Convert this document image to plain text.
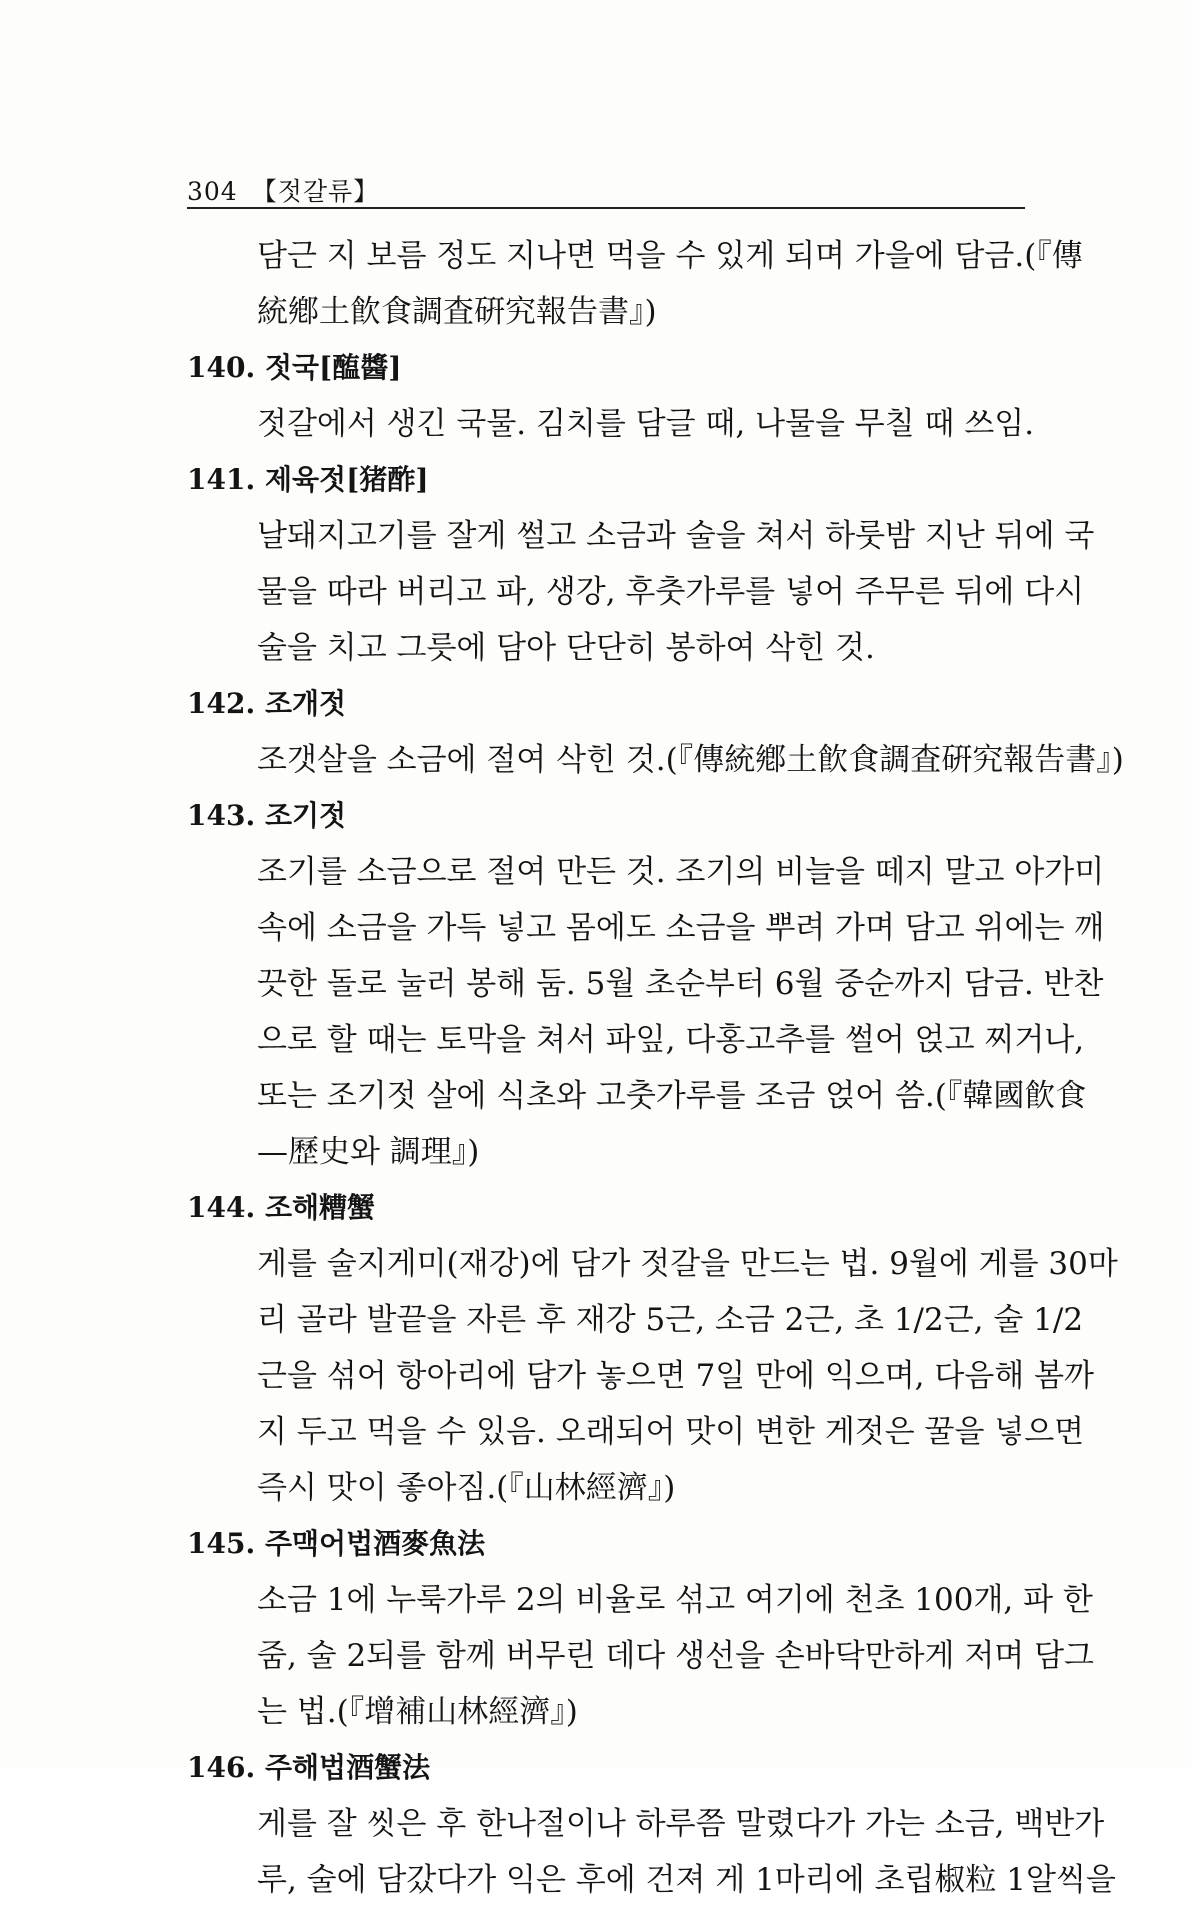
304 【젓갈류】
담근 지 보름 정도 지나면 먹을 수 있게 되며 가을에 담금.(『傳
統鄕土飮食調査硏究報告書』)
140. 젓국[醢醬]
젓갈에서 생긴 국물. 김치를 담글 때, 나물을 무칠 때 쓰임.
141. 제육젓[猪酢]
날돼지고기를 잘게 썰고 소금과 술을 쳐서 하룻밤 지난 뒤에 국
물을 따라 버리고 파, 생강, 후춧가루를 넣어 주무른 뒤에 다시
술을 치고 그릇에 담아 단단히 봉하여 삭힌 것.
142. 조개젓
조갯살을 소금에 절여 삭힌 것.(『傳統鄕土飮食調査硏究報告書』)
143. 조기젓
조기를 소금으로 절여 만든 것. 조기의 비늘을 떼지 말고 아가미
속에 소금을 가득 넣고 몸에도 소금을 뿌려 가며 담고 위에는 깨
끗한 돌로 눌러 봉해 둠. 5월 초순부터 6월 중순까지 담금. 반찬
으로 할 때는 토막을 쳐서 파잎, 다홍고추를 썰어 얹고 찌거나,
또는 조기젓 살에 식초와 고춧가루를 조금 얹어 씀.(『韓國飮食
—歷史와 調理』)
144. 조해糟蟹
게를 술지게미(재강)에 담가 젓갈을 만드는 법. 9월에 게를 30마
리 골라 발끝을 자른 후 재강 5근, 소금 2근, 초 1/2근, 술 1/2
근을 섞어 항아리에 담가 놓으면 7일 만에 익으며, 다음해 봄까
지 두고 먹을 수 있음. 오래되어 맛이 변한 게젓은 꿀을 넣으면
즉시 맛이 좋아짐.(『山林經濟』)
145. 주맥어법酒麥魚法
소금 1에 누룩가루 2의 비율로 섞고 여기에 천초 100개, 파 한
줌, 술 2되를 함께 버무린 데다 생선을 손바닥만하게 저며 담그
는 법.(『增補山林經濟』)
146. 주해법酒蟹法
게를 잘 씻은 후 한나절이나 하루쯤 말렸다가 가는 소금, 백반가
루, 술에 담갔다가 익은 후에 건져 게 1마리에 초립椒粒 1알씩을
